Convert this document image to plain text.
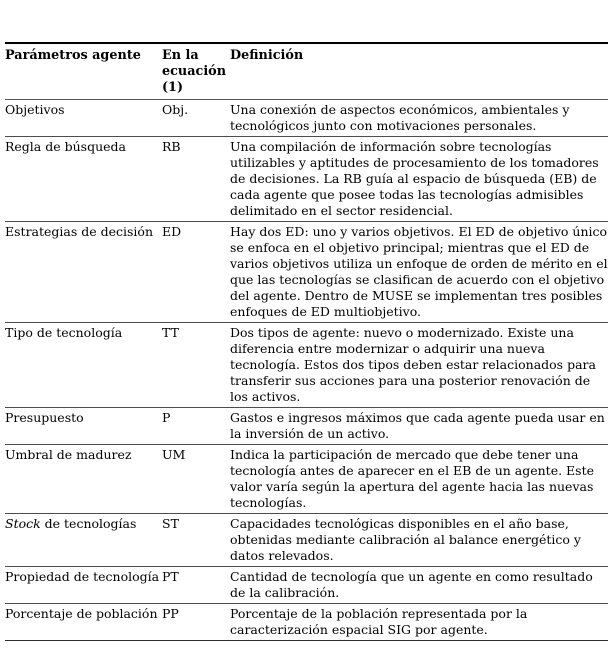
Parámetros agente	En la ecuación (1)	Definición
Objetivos	Obj.	Una conexión de aspectos económicos, ambientales y tecnológicos junto con motivaciones personales.
Regla de búsqueda	RB	Una compilación de información sobre tecnologías utilizables y aptitudes de procesamiento de los tomadores de decisiones. La RB guía al espacio de búsqueda (EB) de cada agente que posee todas las tecnologías admisibles delimitado en el sector residencial.
Estrategias de decisión	ED	Hay dos ED: uno y varios objetivos. El ED de objetivo único se enfoca en el objetivo principal; mientras que el ED de varios objetivos utiliza un enfoque de orden de mérito en el que las tecnologías se clasifican de acuerdo con el objetivo del agente. Dentro de MUSE se implementan tres posibles enfoques de ED multiobjetivo.
Tipo de tecnología	TT	Dos tipos de agente: nuevo o modernizado. Existe una diferencia entre modernizar o adquirir una nueva tecnología. Estos dos tipos deben estar relacionados para transferir sus acciones para una posterior renovación de los activos.
Presupuesto	P	Gastos e ingresos máximos que cada agente pueda usar en la inversión de un activo.
Umbral de madurez	UM	Indica la participación de mercado que debe tener una tecnología antes de aparecer en el EB de un agente. Este valor varía según la apertura del agente hacia las nuevas tecnologías.
Stock de tecnologías	ST	Capacidades tecnológicas disponibles en el año base, obtenidas mediante calibración al balance energético y datos relevados.
Propiedad de tecnología	PT	Cantidad de tecnología que un agente en como resultado de la calibración.
Porcentaje de población	PP	Porcentaje de la población representada por la caracterización espacial SIG por agente.
